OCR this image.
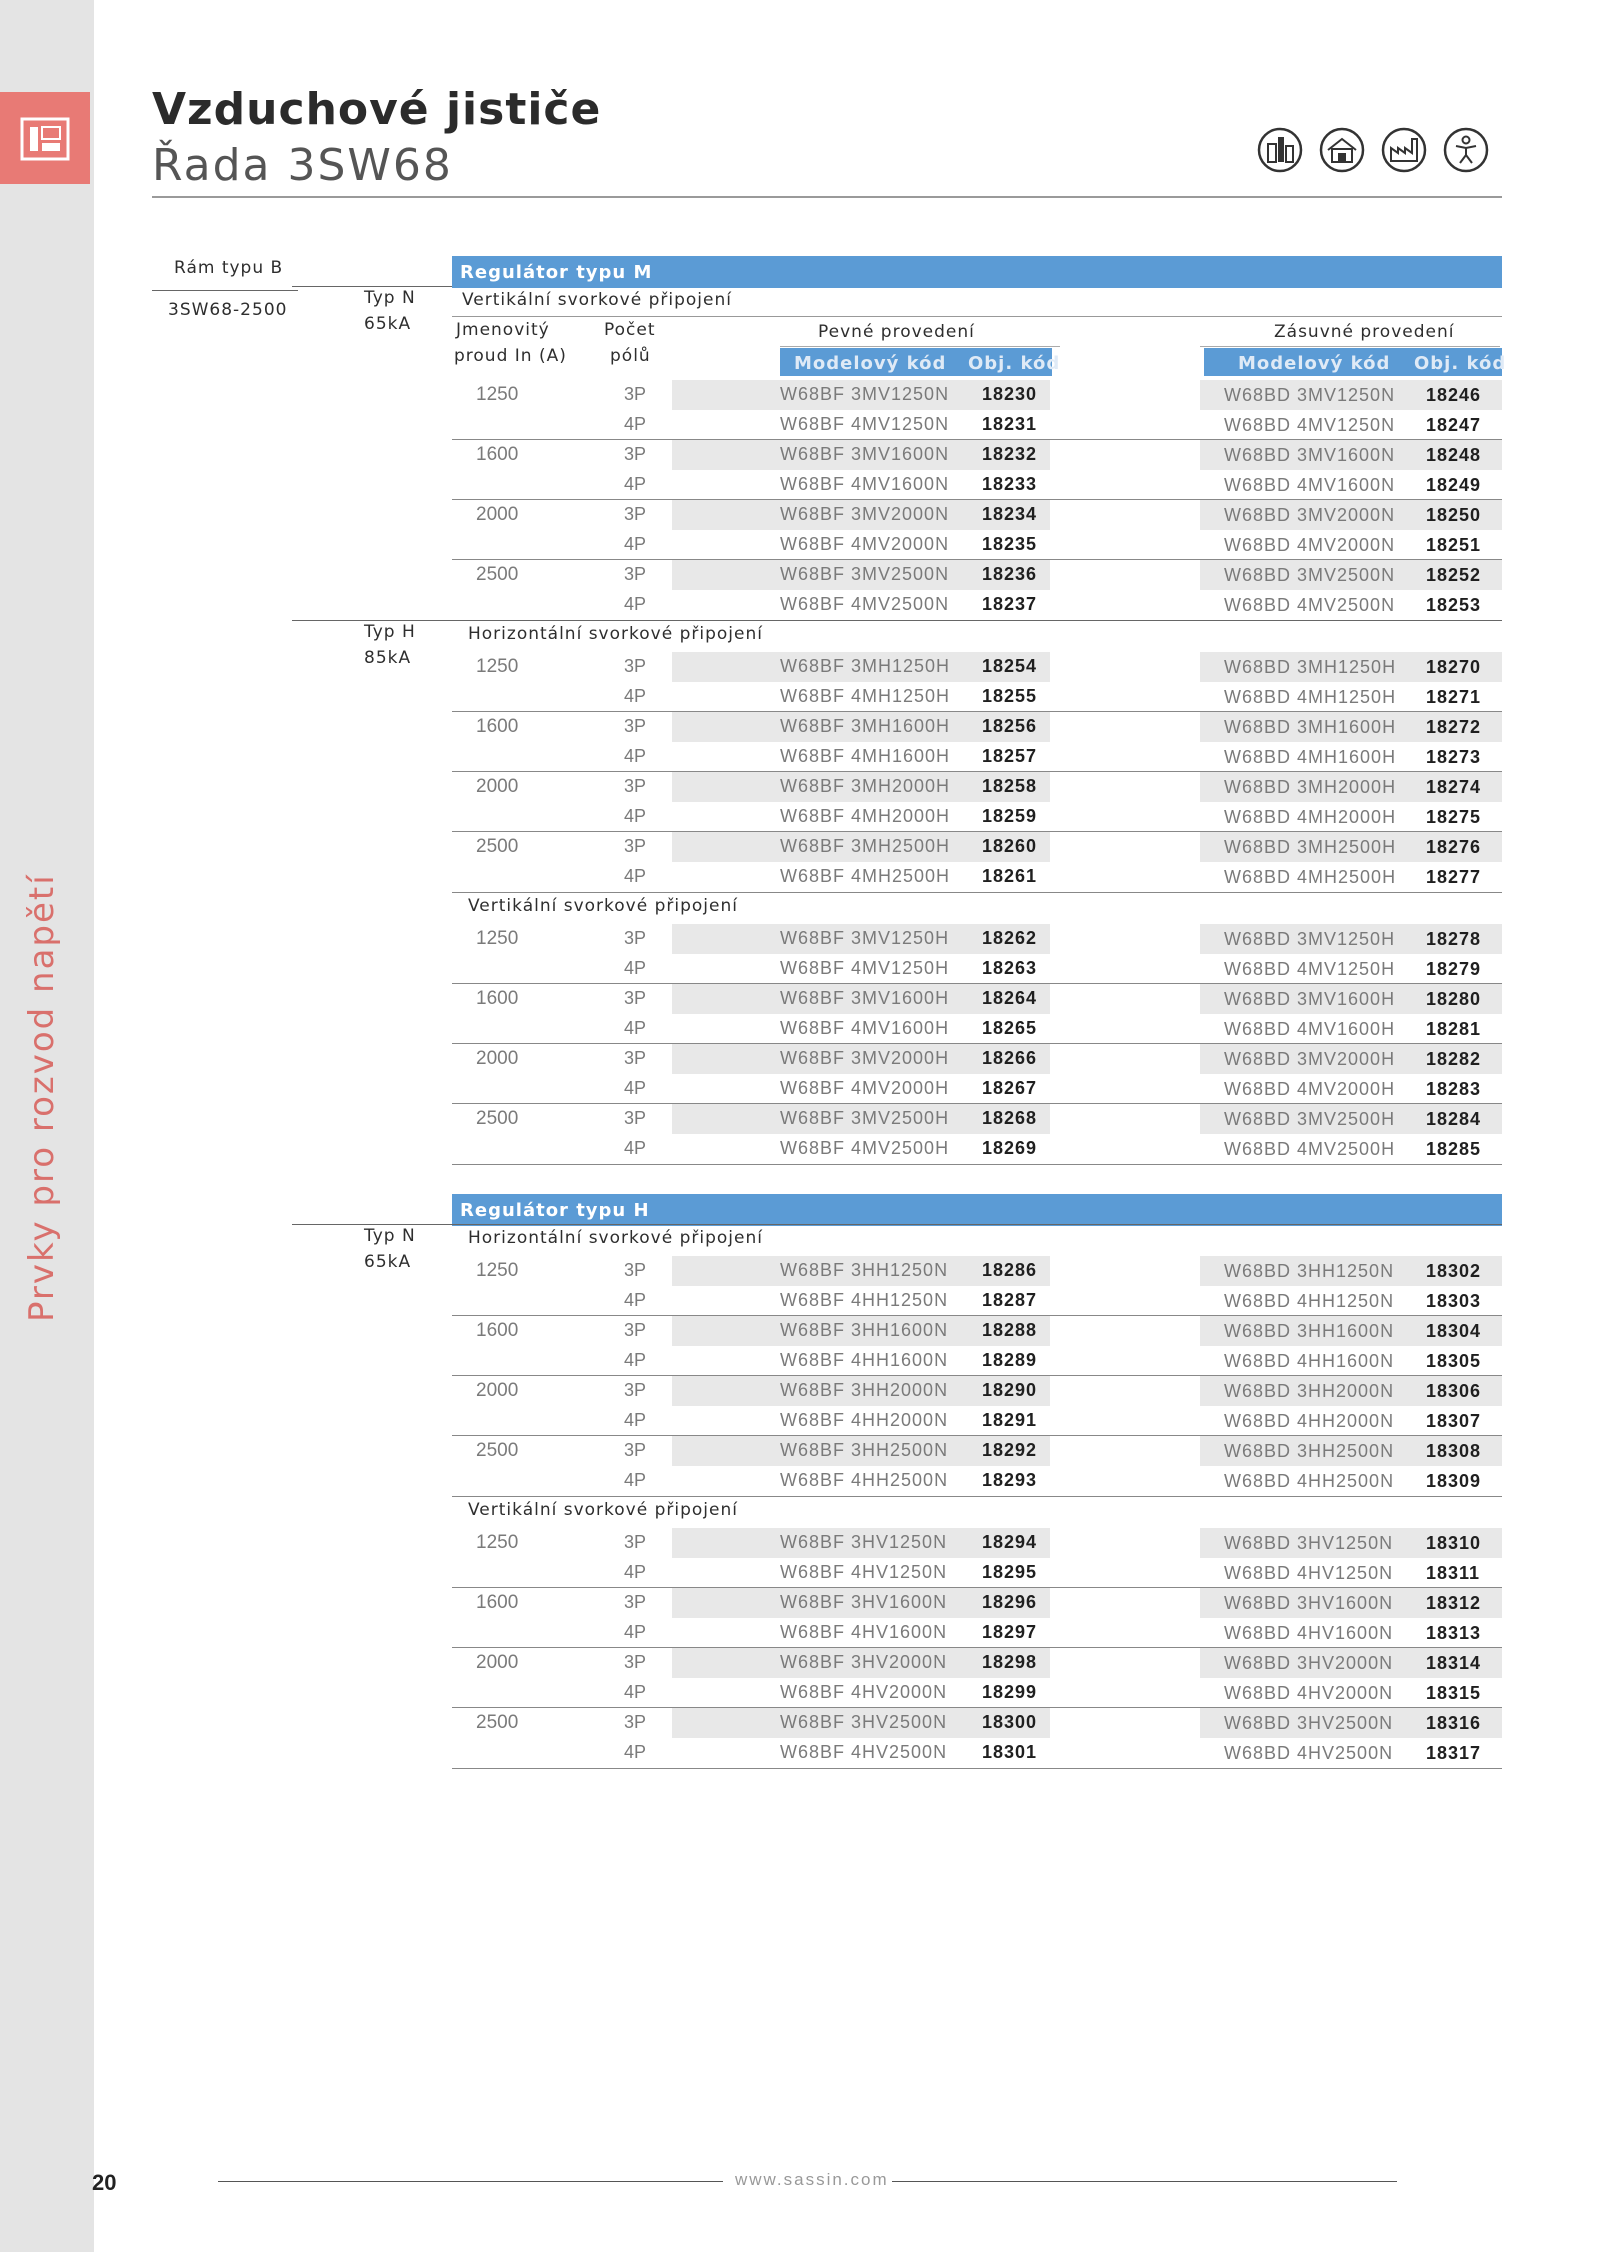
Prvky pro rozvod napětí
20
Vzduchové jističe
Řada 3SW68
Rám typu B
3SW68-2500
Regulátor typu M
Typ N
65kA
Vertikální svorkové připojení
Jmenovitý
proud In (A)
Počet
pólů
Pevné provedení	Zásuvné provedení
Modelový kód Obj. kód	Modelový kód Obj. kód
1250	3P	W68BF 3MV1250N 18230	W68BD 3MV1250N 18246
4P	W68BF 4MV1250N 18231	W68BD 4MV1250N 18247
1600	3P	W68BF 3MV1600N 18232	W68BD 3MV1600N 18248
4P	W68BF 4MV1600N 18233	W68BD 4MV1600N 18249
2000	3P	W68BF 3MV2000N 18234	W68BD 3MV2000N 18250
4P	W68BF 4MV2000N 18235	W68BD 4MV2000N 18251
2500	3P	W68BF 3MV2500N 18236	W68BD 3MV2500N 18252
4P	W68BF 4MV2500N 18237	W68BD 4MV2500N 18253
Typ H
85kA
Horizontální svorkové připojení
1250	3P	W68BF 3MH1250H 18254	W68BD 3MH1250H 18270
4P	W68BF 4MH1250H 18255	W68BD 4MH1250H 18271
1600	3P	W68BF 3MH1600H 18256	W68BD 3MH1600H 18272
4P	W68BF 4MH1600H 18257	W68BD 4MH1600H 18273
2000	3P	W68BF 3MH2000H 18258	W68BD 3MH2000H 18274
4P	W68BF 4MH2000H 18259	W68BD 4MH2000H 18275
2500	3P	W68BF 3MH2500H 18260	W68BD 3MH2500H 18276
4P	W68BF 4MH2500H 18261	W68BD 4MH2500H 18277
Vertikální svorkové připojení
1250	3P	W68BF 3MV1250H 18262	W68BD 3MV1250H 18278
4P	W68BF 4MV1250H 18263	W68BD 4MV1250H 18279
1600	3P	W68BF 3MV1600H 18264	W68BD 3MV1600H 18280
4P	W68BF 4MV1600H 18265	W68BD 4MV1600H 18281
2000	3P	W68BF 3MV2000H 18266	W68BD 3MV2000H 18282
4P	W68BF 4MV2000H 18267	W68BD 4MV2000H 18283
2500	3P	W68BF 3MV2500H 18268	W68BD 3MV2500H 18284
4P	W68BF 4MV2500H 18269	W68BD 4MV2500H 18285
Regulátor typu H
Typ N
65kA
Horizontální svorkové připojení
1250	3P	W68BF 3HH1250N 18286	W68BD 3HH1250N 18302
4P	W68BF 4HH1250N 18287	W68BD 4HH1250N 18303
1600	3P	W68BF 3HH1600N 18288	W68BD 3HH1600N 18304
4P	W68BF 4HH1600N 18289	W68BD 4HH1600N 18305
2000	3P	W68BF 3HH2000N 18290	W68BD 3HH2000N 18306
4P	W68BF 4HH2000N 18291	W68BD 4HH2000N 18307
2500	3P	W68BF 3HH2500N 18292	W68BD 3HH2500N 18308
4P	W68BF 4HH2500N 18293	W68BD 4HH2500N 18309
Vertikální svorkové připojení
1250	3P	W68BF 3HV1250N 18294	W68BD 3HV1250N 18310
4P	W68BF 4HV1250N 18295	W68BD 4HV1250N 18311
1600	3P	W68BF 3HV1600N 18296	W68BD 3HV1600N 18312
4P	W68BF 4HV1600N 18297	W68BD 4HV1600N 18313
2000	3P	W68BF 3HV2000N 18298	W68BD 3HV2000N 18314
4P	W68BF 4HV2000N 18299	W68BD 4HV2000N 18315
2500	3P	W68BF 3HV2500N 18300	W68BD 3HV2500N 18316
4P	W68BF 4HV2500N 18301	W68BD 4HV2500N 18317
www.sassin.com
